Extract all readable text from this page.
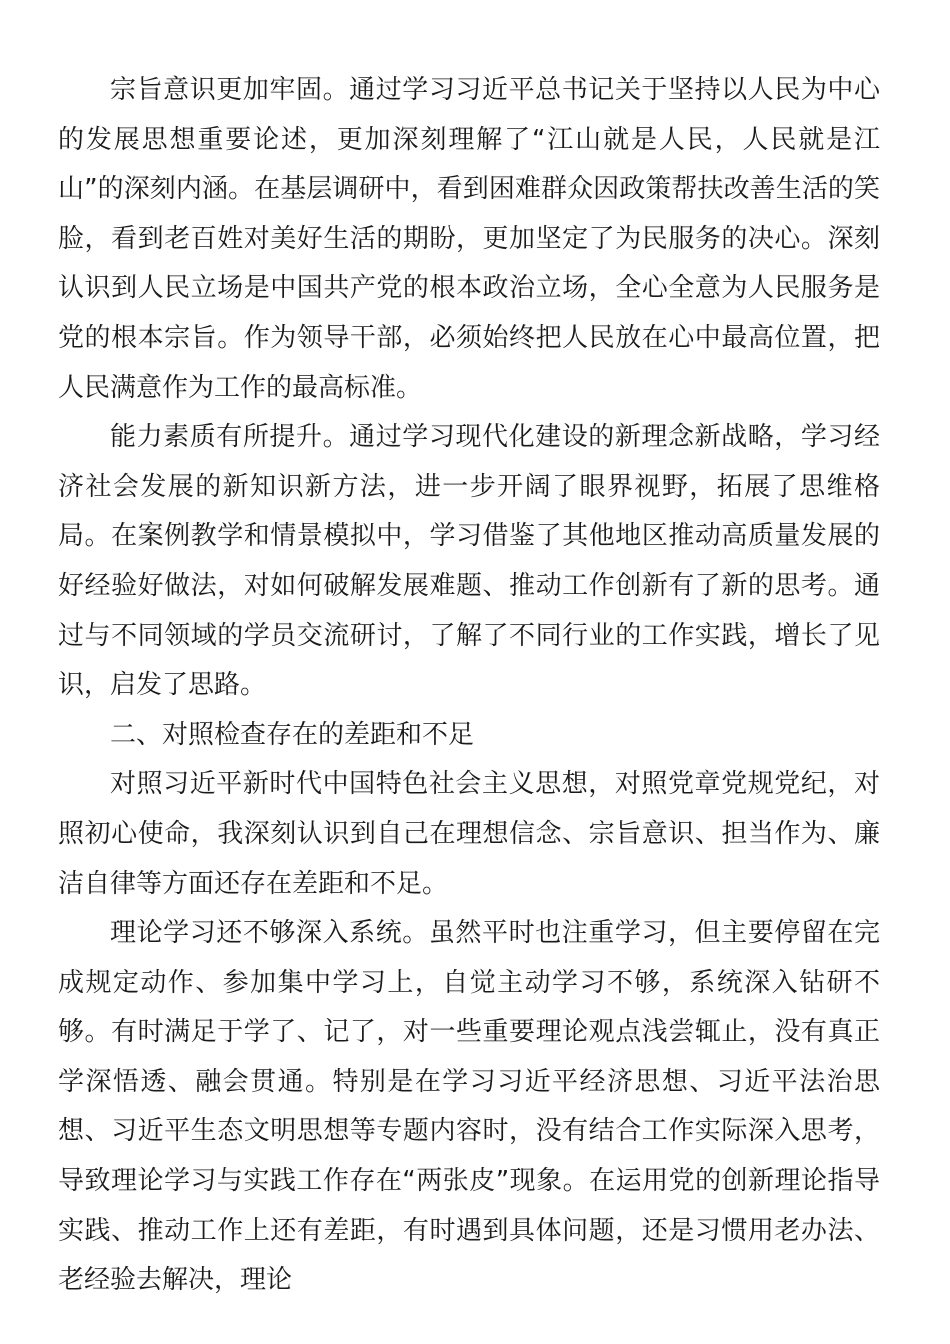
宗旨意识更加牢固。通过学习习近平总书记关于坚持以人民为中心的发展思想重要论述，更加深刻理解了“江山就是人民，人民就是江山”的深刻内涵。在基层调研中，看到困难群众因政策帮扶改善生活的笑脸，看到老百姓对美好生活的期盼，更加坚定了为民服务的决心。深刻认识到人民立场是中国共产党的根本政治立场，全心全意为人民服务是党的根本宗旨。作为领导干部，必须始终把人民放在心中最高位置，把人民满意作为工作的最高标准。

能力素质有所提升。通过学习现代化建设的新理念新战略，学习经济社会发展的新知识新方法，进一步开阔了眼界视野，拓展了思维格局。在案例教学和情景模拟中，学习借鉴了其他地区推动高质量发展的好经验好做法，对如何破解发展难题、推动工作创新有了新的思考。通过与不同领域的学员交流研讨，了解了不同行业的工作实践，增长了见识，启发了思路。

二、对照检查存在的差距和不足

对照习近平新时代中国特色社会主义思想，对照党章党规党纪，对照初心使命，我深刻认识到自己在理想信念、宗旨意识、担当作为、廉洁自律等方面还存在差距和不足。

理论学习还不够深入系统。虽然平时也注重学习，但主要停留在完成规定动作、参加集中学习上，自觉主动学习不够，系统深入钻研不够。有时满足于学了、记了，对一些重要理论观点浅尝辄止，没有真正学深悟透、融会贯通。特别是在学习习近平经济思想、习近平法治思想、习近平生态文明思想等专题内容时，没有结合工作实际深入思考，导致理论学习与实践工作存在“两张皮”现象。在运用党的创新理论指导实践、推动工作上还有差距，有时遇到具体问题，还是习惯用老办法、老经验去解决，理论
